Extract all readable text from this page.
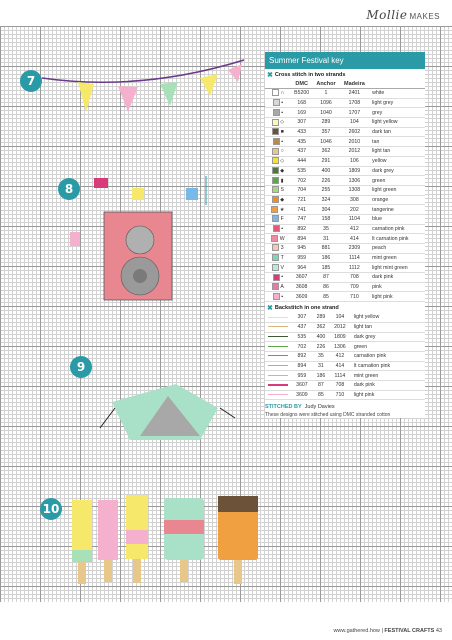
Mollie MAKES
7
8
9
10
Summer Festival key
✖ Cross stitch in two strands
	DMC	Anchor	Madeira	
∩	B5200	1	2401	white
▪	168	1096	1708	light grey
▪	169	1040	1707	grey
◇	307	289	104	light yellow
■	433	357	2602	dark tan
▪	435	1046	2010	tan
○	437	362	2012	light tan
◇	444	291	106	yellow
◆	535	400	1809	dark grey
▮	702	226	1306	green
S	704	255	1308	light green
◆	721	324	308	orange
★	741	304	202	tangerine
F	747	158	1104	blue
▪	892	35	412	carnation pink
W	894	31	414	lt carnation pink
3	945	881	2309	peach
T	959	186	1114	mint green
V	964	185	1112	light mint green
▪	3607	87	708	dark pink
A	3608	86	709	pink
▪	3609	85	710	light pink
✖ Backstitch in one strand
	307	289	104	light yellow
	437	362	2012	light tan
	535	400	1809	dark grey
	702	226	1306	green
	892	35	412	carnation pink
	894	31	414	lt carnation pink
	959	186	1114	mint green
	3607	87	708	dark pink
	3609	85	710	light pink
STITCHED BY Judy Davies
These designs were stitched using DMC stranded cotton
www.gathered.how | FESTIVAL CRAFTS 43
